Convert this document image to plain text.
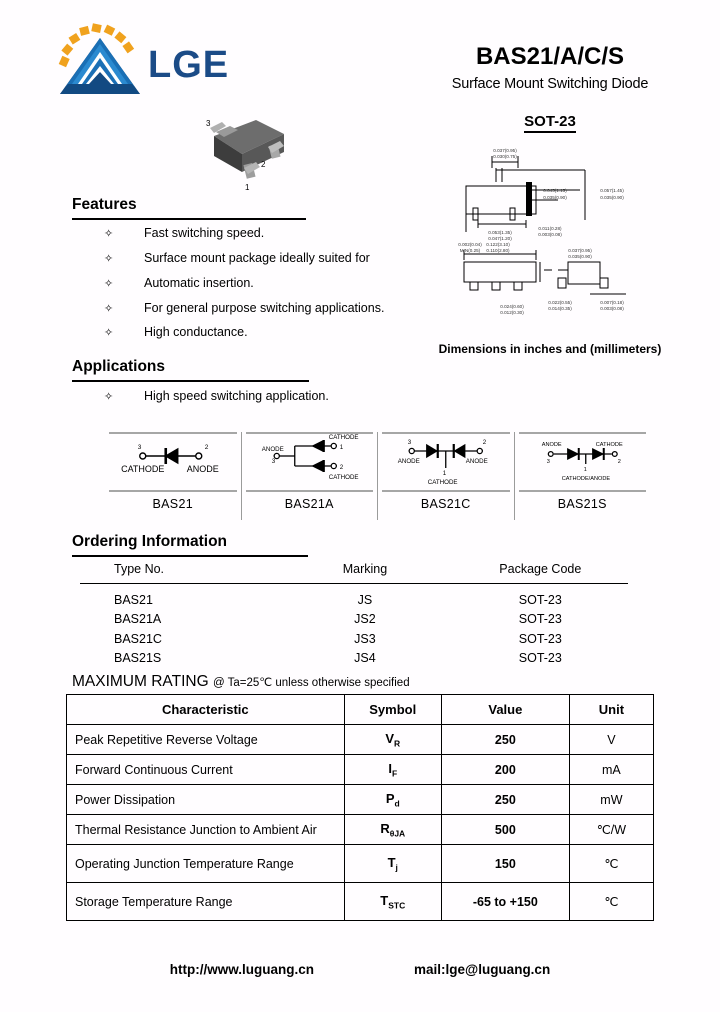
LGE	BAS21/A/C/S
Surface Mount Switching Diode
SOT-23
3
2
1
Features
✧	Fast switching speed.
✧	Surface mount package ideally suited for
✧	Automatic insertion.
✧	For general purpose switching applications.
✧	High conductance.
Applications
✧	High speed switching application.
0.037(0.95)
0.030(0.75)
0.045(1.15)
0.035(0.90)
0.057(1.45)
0.035(0.90)
0.053(1.35)
0.047(1.20)
0.011(0.28)
0.003(0.08)
0.002(0.04)
MIN(0.25)
0.122(3.10)
0.110(2.80)
0.024(0.60)
0.012(0.30)
0.022(0.55)
0.014(0.35)
0.007(0.18)
0.003(0.08)
0.037(0.95)
0.035(0.90)
Dimensions in inches and (millimeters)
3	2
CATHODE ANODE
BAS21
ANODE
3
1
2
CATHODE
CATHODE
BAS21A
3	2
ANODE	ANODE
1
CATHODE
BAS21C
ANODE
3
CATHODE
2
1
CATHODE/ANODE
BAS21S
Ordering Information
Type No.	Marking	Package Code
BAS21	JS	SOT-23
BAS21A	JS2	SOT-23
BAS21C	JS3	SOT-23
BAS21S	JS4	SOT-23
MAXIMUM RATING @ Ta=25℃ unless otherwise specified
Characteristic	Symbol	Value	Unit
Peak Repetitive Reverse Voltage	$V_R$	250	V
Forward Continuous Current	$I_F$	200	mA
Power Dissipation	$P_d$	250	mW
Thermal Resistance Junction to Ambient Air	$R_{\theta JA}$	500	℃/W
Operating Junction Temperature Range	$T_j$	150	℃
Storage Temperature Range	$T_{STC}$	-65 to +150	℃
http://www.luguang.cn	mail:lge@luguang.cn
